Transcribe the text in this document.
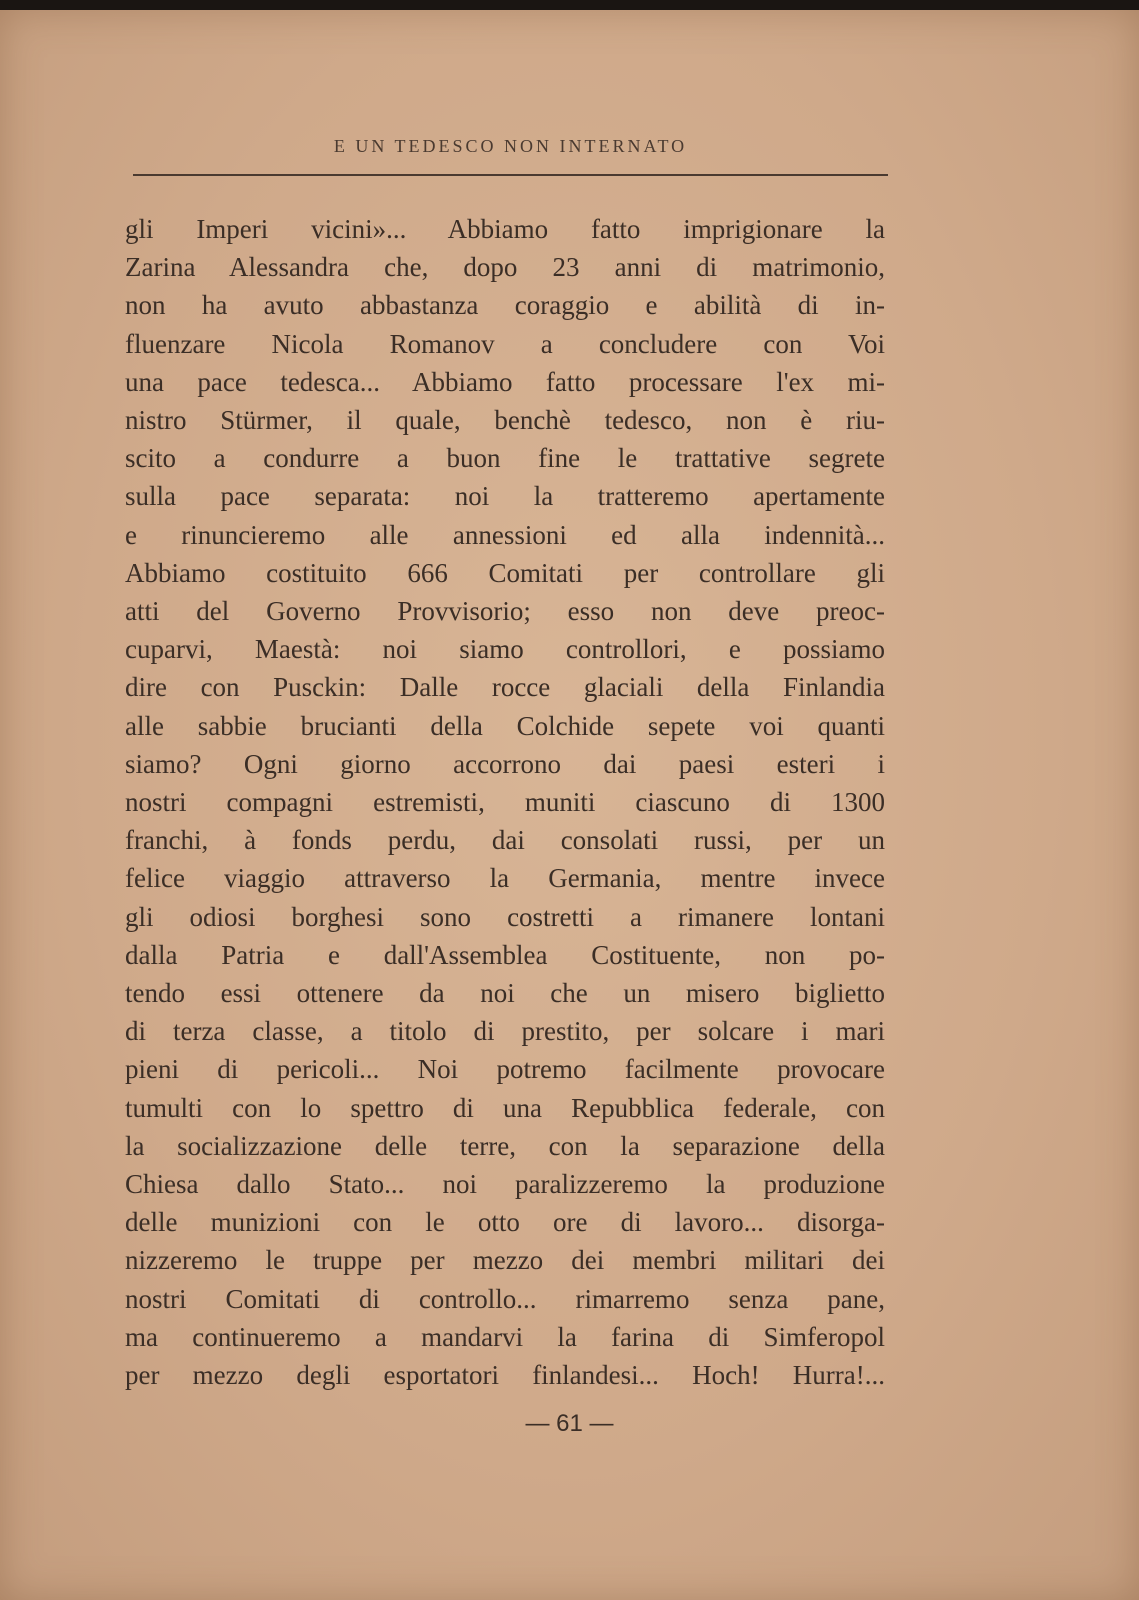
E UN TEDESCO NON INTERNATO
gli Imperi vicini»... Abbiamo fatto imprigionare la
Zarina Alessandra che, dopo 23 anni di matrimonio,
non ha avuto abbastanza coraggio e abilità di in-
fluenzare Nicola Romanov a concludere con Voi
una pace tedesca... Abbiamo fatto processare l'ex mi-
nistro Stürmer, il quale, benchè tedesco, non è riu-
scito a condurre a buon fine le trattative segrete
sulla pace separata: noi la tratteremo apertamente
e rinuncieremo alle annessioni ed alla indennità...
Abbiamo costituito 666 Comitati per controllare gli
atti del Governo Provvisorio; esso non deve preoc-
cuparvi, Maestà: noi siamo controllori, e possiamo
dire con Pusckin: Dalle rocce glaciali della Finlandia
alle sabbie brucianti della Colchide sepete voi quanti
siamo? Ogni giorno accorrono dai paesi esteri i
nostri compagni estremisti, muniti ciascuno di 1300
franchi, à fonds perdu, dai consolati russi, per un
felice viaggio attraverso la Germania, mentre invece
gli odiosi borghesi sono costretti a rimanere lontani
dalla Patria e dall'Assemblea Costituente, non po-
tendo essi ottenere da noi che un misero biglietto
di terza classe, a titolo di prestito, per solcare i mari
pieni di pericoli... Noi potremo facilmente provocare
tumulti con lo spettro di una Repubblica federale, con
la socializzazione delle terre, con la separazione della
Chiesa dallo Stato... noi paralizzeremo la produzione
delle munizioni con le otto ore di lavoro... disorga-
nizzeremo le truppe per mezzo dei membri militari dei
nostri Comitati di controllo... rimarremo senza pane,
ma continueremo a mandarvi la farina di Simferopol
per mezzo degli esportatori finlandesi... Hoch! Hurra!...
— 61 —
